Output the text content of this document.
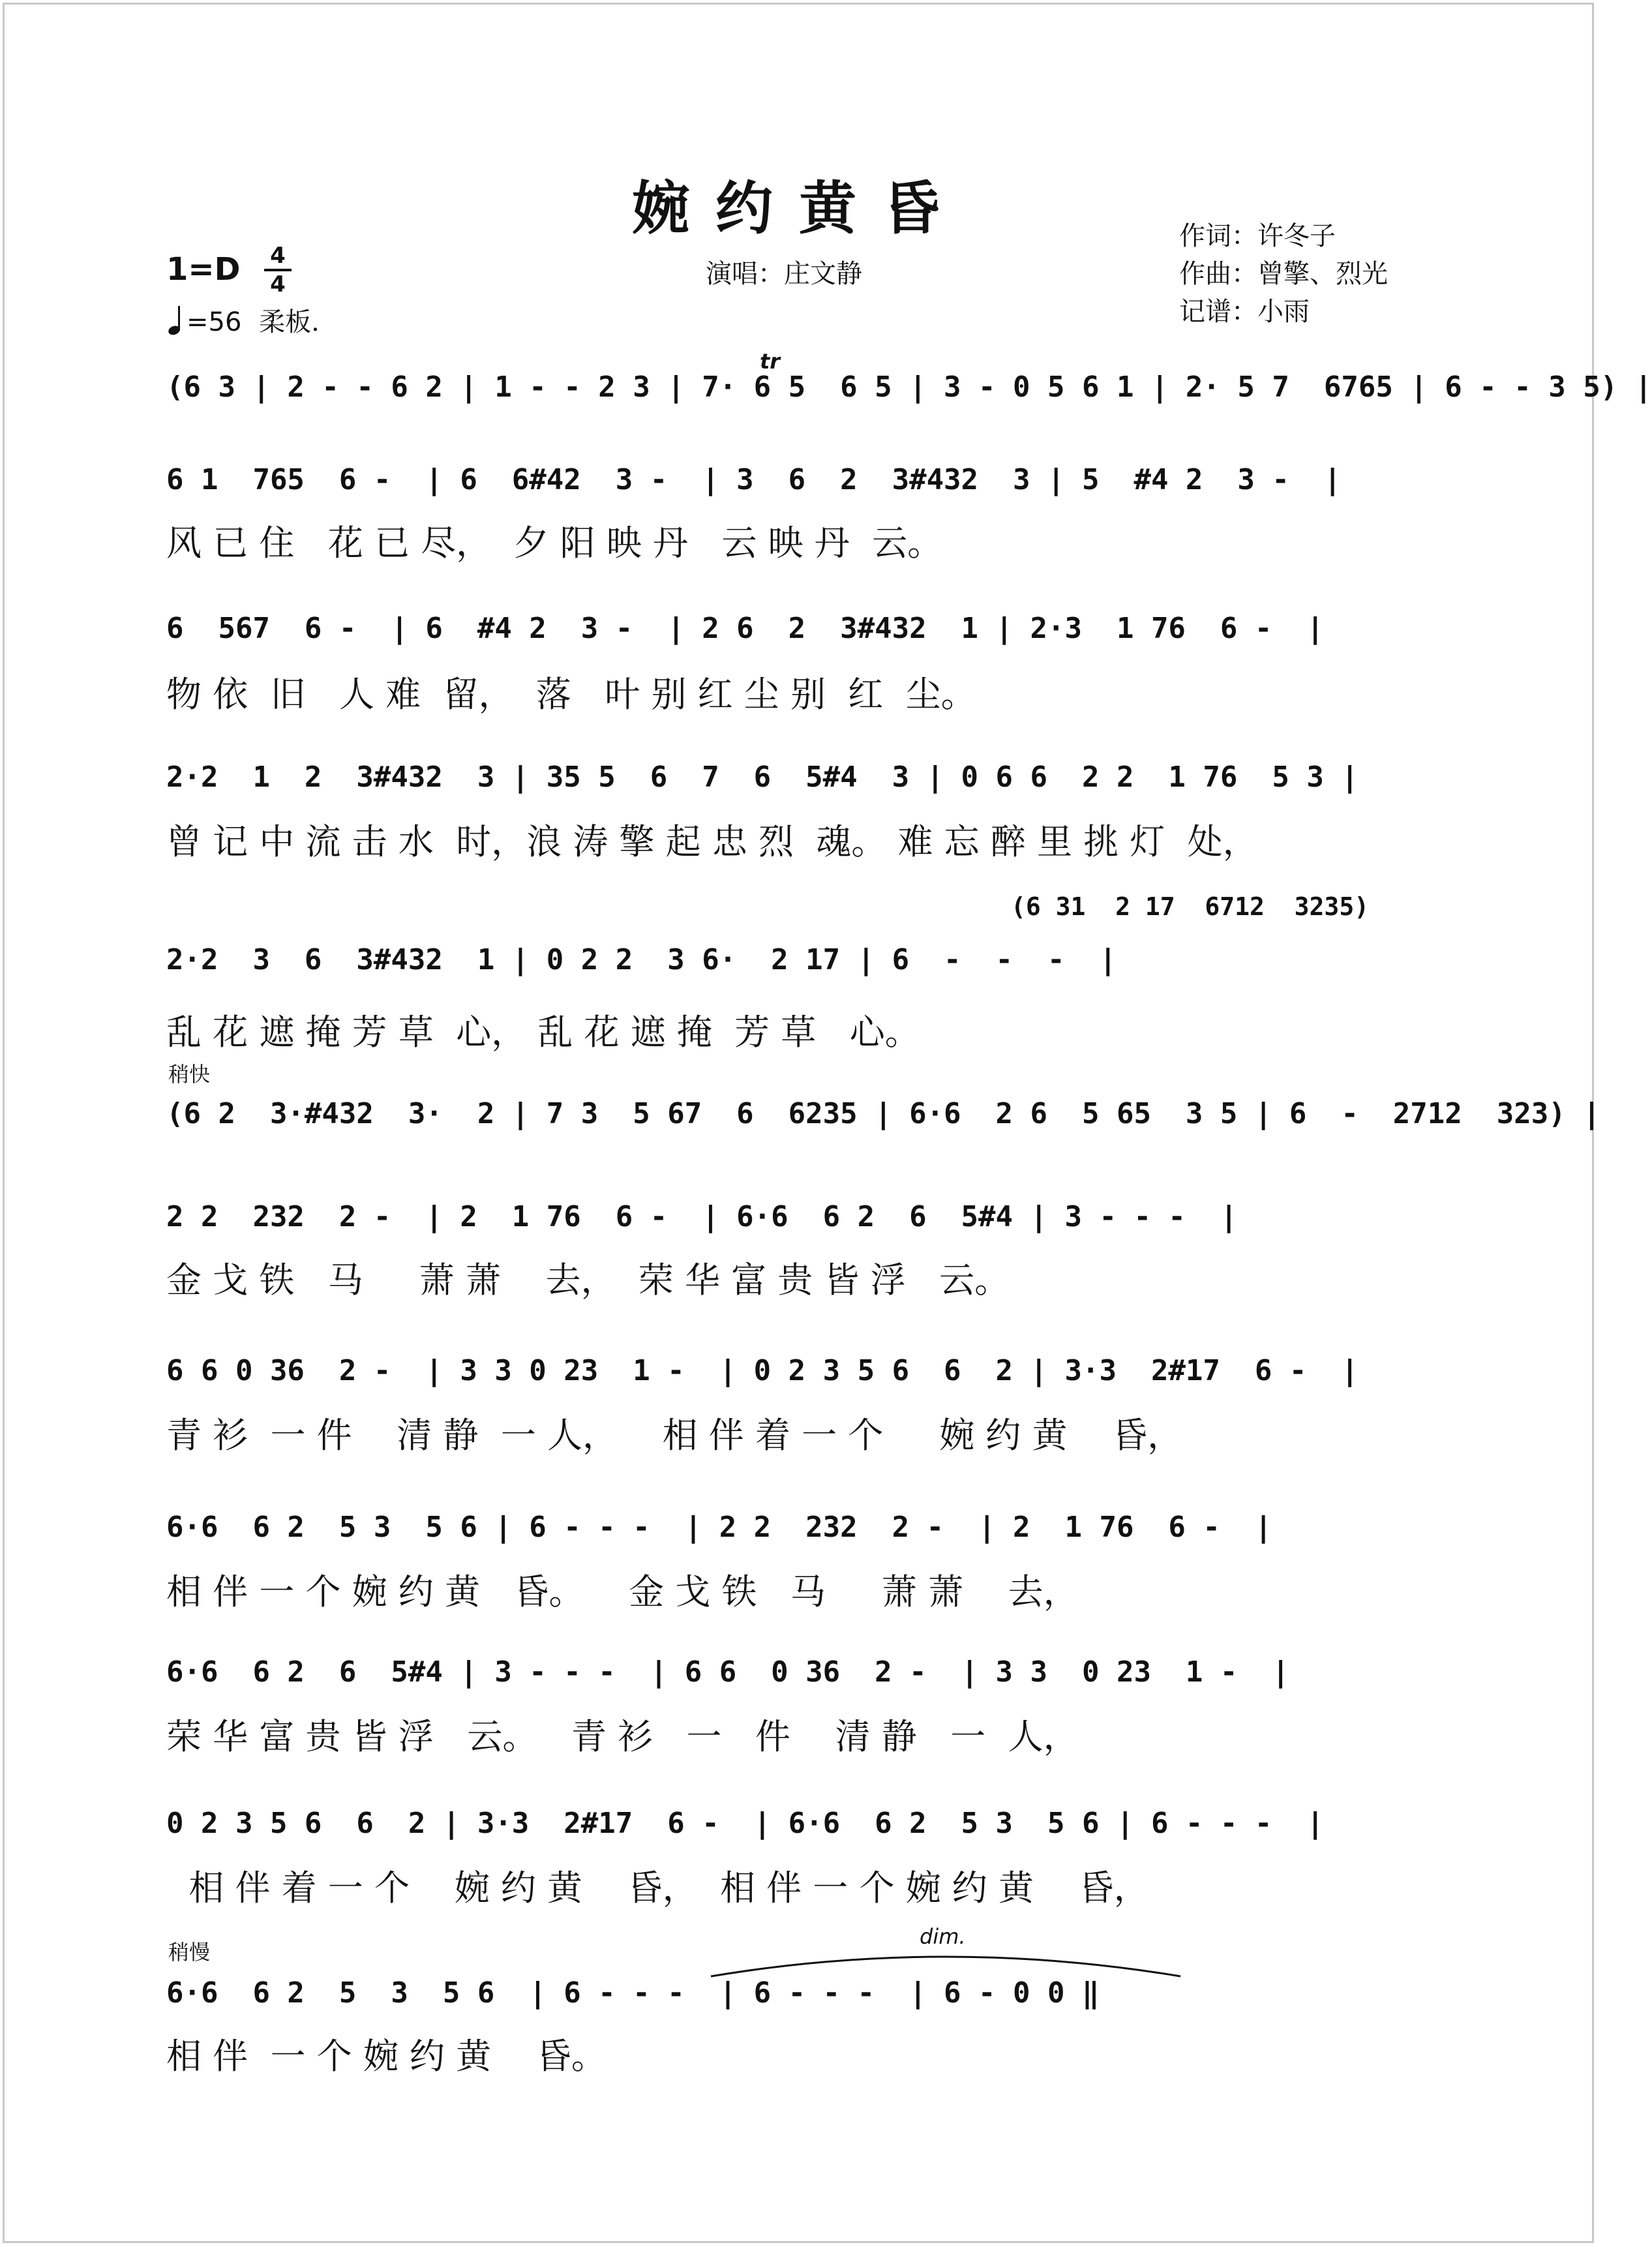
婉约黄昏	作词：许冬子
作曲：曾擎、烈光
记谱：小雨
演唱：庄文静
1=D 4
4
=56 柔板.
tr
(6 3 | 2 - - 6 2 | 1 - - 2 3 | 7· 6 5  6 5 | 3 - 0 5 6 1 | 2· 5 7  6765 | 6 - - 3 5) |
6 1  765  6 -  | 6  6#42  3 -  | 3  6  2  3#432  3 | 5  #4 2  3 -  |
风 已 住   花 已 尽，  夕 阳 映 丹   云 映 丹  云。
6  567  6 -  | 6  #4 2  3 -  | 2 6  2  3#432  1 | 2·3  1 76  6 -  |
物 依  旧   人 难  留，  落   叶 别 红 尘 别  红  尘。
2·2  1  2  3#432  3 | 35 5  6  7  6  5#4  3 | 0 6 6  2 2  1 76  5 3 |
曾 记 中 流 击 水  时，浪 涛 擎 起 忠 烈  魂。 难 忘 醉 里 挑 灯  处，
(6 31  2 17  6712  3235)
2·2  3  6  3#432  1 | 0 2 2  3 6·  2 17 | 6  -  -  -  |
乱 花 遮 掩 芳 草  心， 乱 花 遮 掩  芳 草   心。
稍快
(6 2  3·#432  3·  2 | 7 3  5 67  6  6235 | 6·6  2 6  5 65  3 5 | 6  -  2712  323) |
2 2  232  2 -  | 2  1 76  6 -  | 6·6  6 2  6  5#4 | 3 - - -  |
金 戈 铁   马     萧 萧    去，  荣 华 富 贵 皆 浮   云。
6 6 0 36  2 -  | 3 3 0 23  1 -  | 0 2 3 5 6  6  2 | 3·3  2#17  6 -  |
青 衫  一 件    清 静  一 人，    相 伴 着 一 个     婉 约 黄    昏，
6·6  6 2  5 3  5 6 | 6 - - -  | 2 2  232  2 -  | 2  1 76  6 -  |
相 伴 一 个 婉 约 黄   昏。    金 戈 铁   马     萧 萧    去，
6·6  6 2  6  5#4 | 3 - - -  | 6 6  0 36  2 -  | 3 3  0 23  1 -  |
荣 华 富 贵 皆 浮   云。   青 衫   一   件    清 静   一  人，
0 2 3 5 6  6  2 | 3·3  2#17  6 -  | 6·6  6 2  5 3  5 6 | 6 - - -  |
相 伴 着 一 个    婉 约 黄    昏，  相 伴 一 个 婉 约 黄    昏，
稍慢
dim.
6·6  6 2  5  3  5 6  | 6 - - -  | 6 - - -  | 6 - 0 0 ‖
相 伴  一 个 婉 约 黄    昏。
